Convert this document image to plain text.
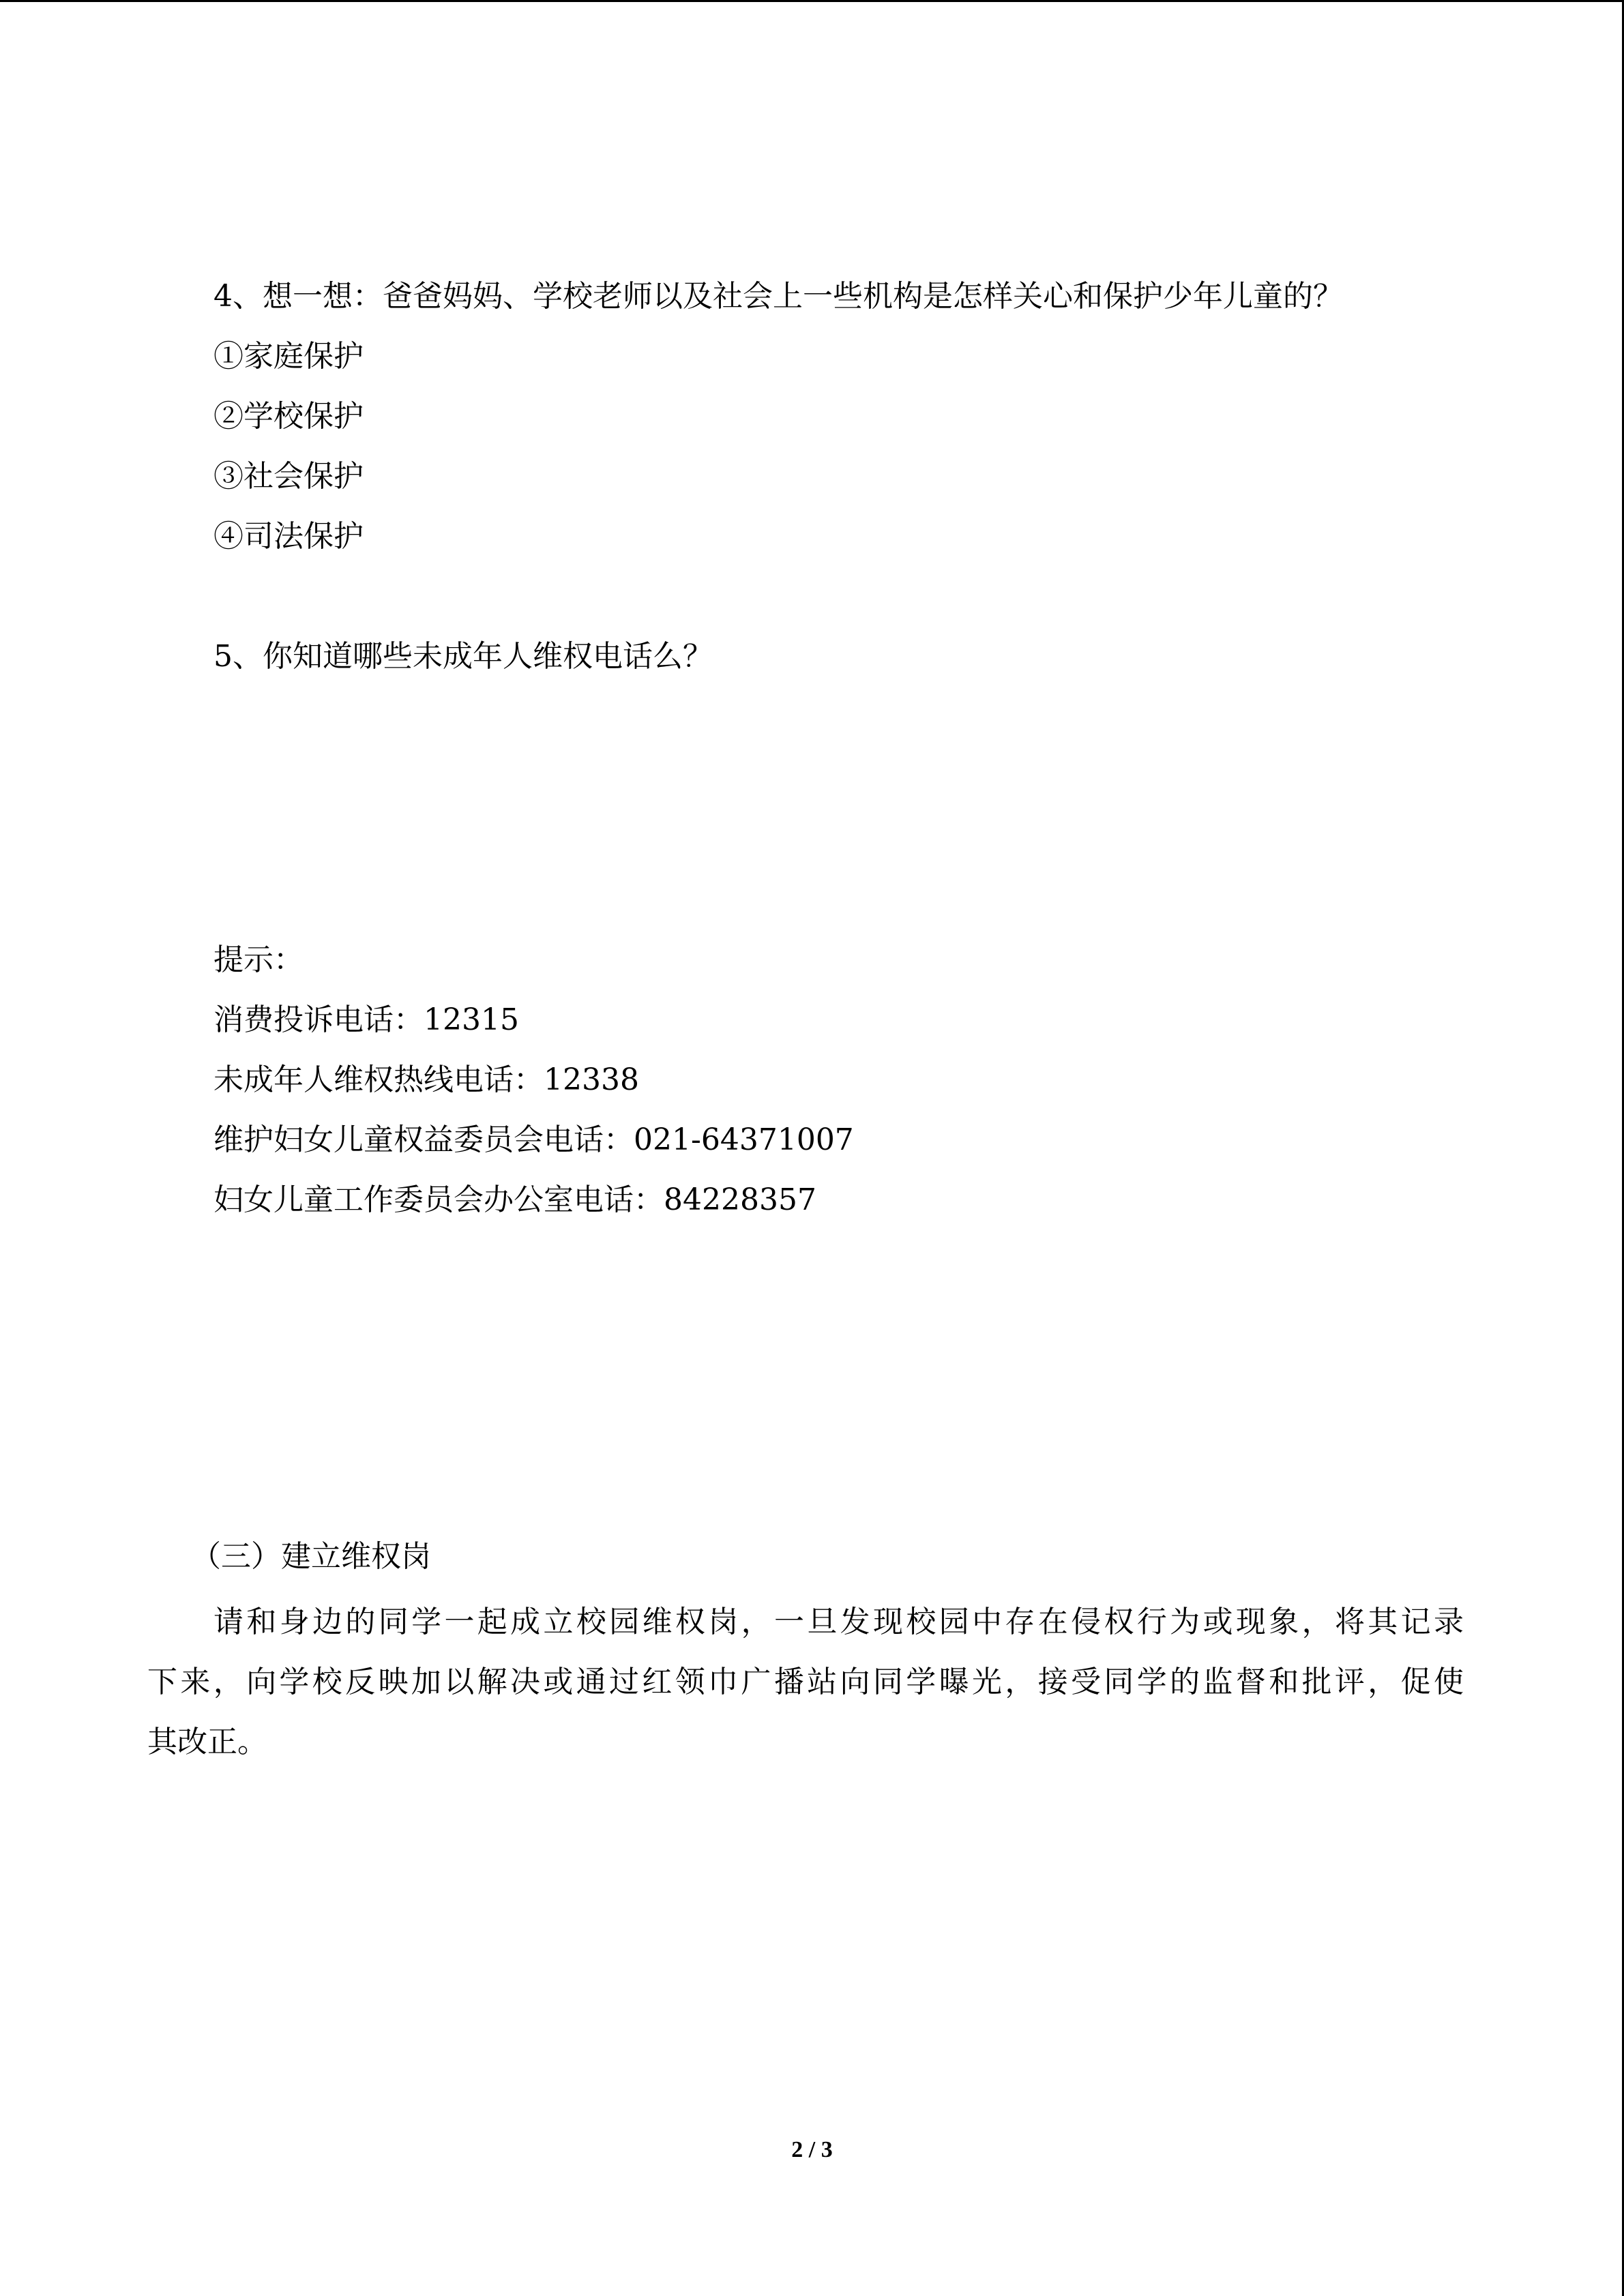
4、想一想：爸爸妈妈、学校老师以及社会上一些机构是怎样关心和保护少年儿童的？
①家庭保护
②学校保护
③社会保护
④司法保护
5、你知道哪些未成年人维权电话么？
提示：
消费投诉电话：12315
未成年人维权热线电话：12338
维护妇女儿童权益委员会电话：021-64371007
妇女儿童工作委员会办公室电话：84228357
（三）建立维权岗
请和身边的同学一起成立校园维权岗，一旦发现校园中存在侵权行为或现象，将其记录
下来，向学校反映加以解决或通过红领巾广播站向同学曝光，接受同学的监督和批评，促使
其改正。
2 / 3
